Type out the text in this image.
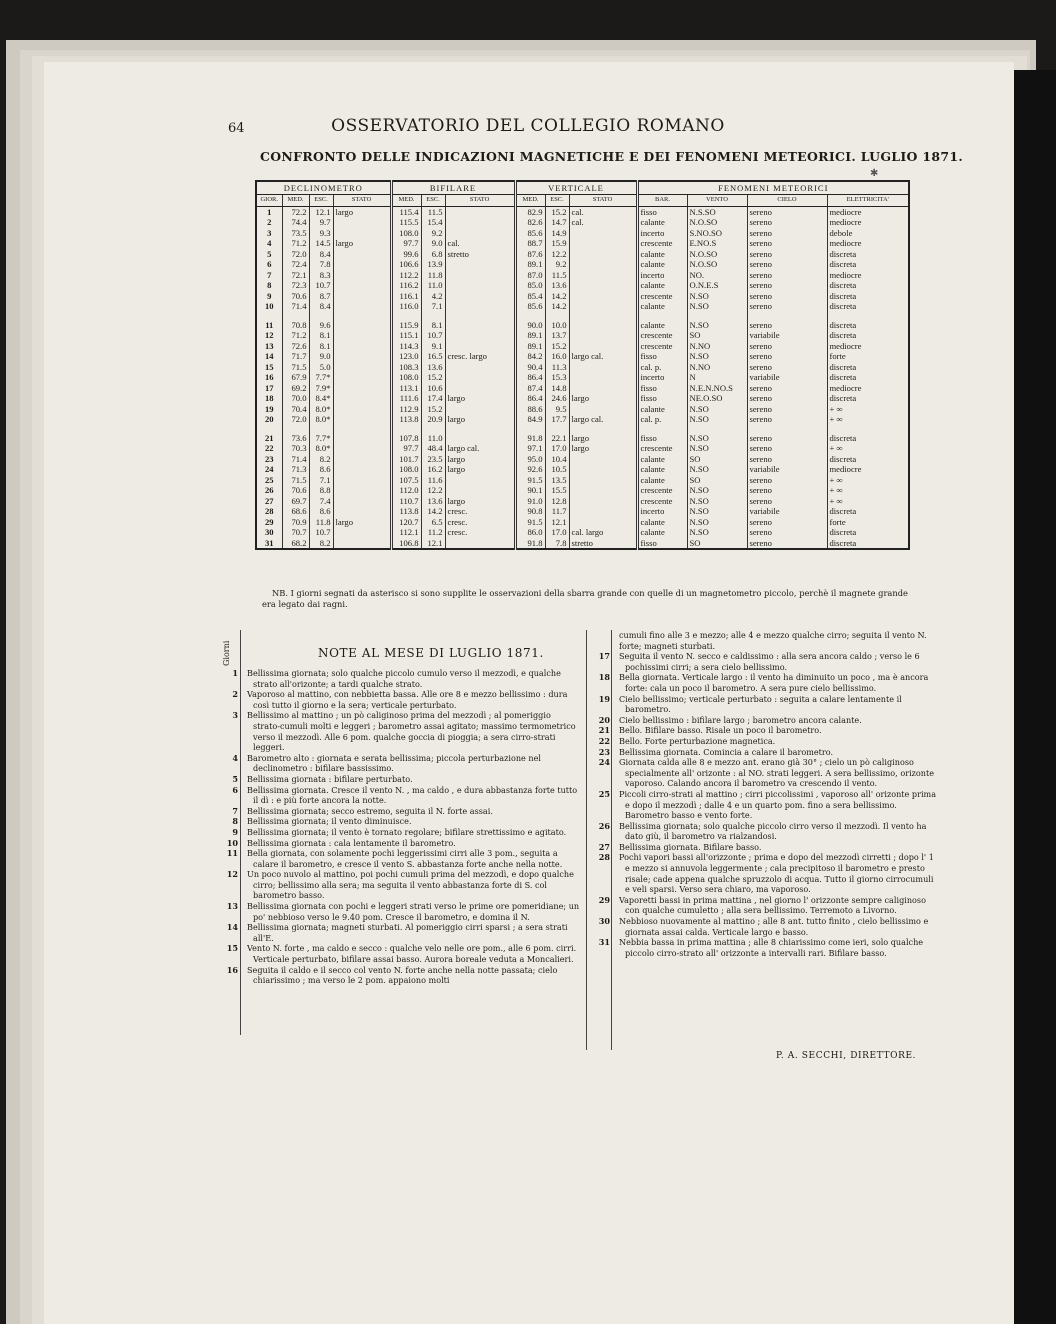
64	OSSERVATORIO DEL COLLEGIO ROMANO
CONFRONTO DELLE INDICAZIONI MAGNETICHE E DEI FENOMENI METEORICI. LUGLIO 1871.
✱
DECLINOMETRO				BIFILARE			VERTICALE			FENOMENI METEORICI			
GIOR.	MED.	ESC.	STATO	MED.	ESC.	STATO	MED.	ESC.	STATO	BAR.	VENTO	CIELO	ELETTRICITA'
1	72.2	12.1	largo	115.4	11.5		82.9	15.2	cal.	fisso	N.S.SO	sereno	mediocre
2	74.4	9.7		115.5	15.4		82.6	14.7	cal.	calante	N.O.SO	sereno	mediocre
3	73.5	9.3		108.0	9.2		85.6	14.9		incerto	S.NO.SO	sereno	debole
4	71.2	14.5	largo	97.7	9.0	cal.	88.7	15.9		crescente	E.NO.S	sereno	mediocre
5	72.0	8.4		99.6	6.8	stretto	87.6	12.2		calante	N.O.SO	sereno	discreta
6	72.4	7.8		106.6	13.9		89.1	9.2		calante	N.O.SO	sereno	discreta
7	72.1	8.3		112.2	11.8		87.0	11.5		incerto	NO.	sereno	mediocre
8	72.3	10.7		116.2	11.0		85.0	13.6		calante	O.N.E.S	sereno	discreta
9	70.6	8.7		116.1	4.2		85.4	14.2		crescente	N.SO	sereno	discreta
10	71.4	8.4		116.0	7.1		85.6	14.2		calante	N.SO	sereno	discreta

11	70.8	9.6		115.9	8.1		90.0	10.0		calante	N.SO	sereno	discreta
12	71.2	8.1		115.1	10.7		89.1	13.7		crescente	SO	variabile	discreta
13	72.6	8.1		114.3	9.1		89.1	15.2		crescente	N.NO	sereno	mediocre
14	71.7	9.0		123.0	16.5	cresc. largo	84.2	16.0	largo cal.	fisso	N.SO	sereno	forte
15	71.5	5.0		108.3	13.6		90.4	11.3		cal. p.	N.NO	sereno	discreta
16	67.9	7.7*		108.0	15.2		86.4	15.3		incerto	N	variabile	discreta
17	69.2	7.9*		113.1	10.6		87.4	14.8		fisso	N.E.N.NO.S	sereno	mediocre
18	70.0	8.4*		111.6	17.4	largo	86.4	24.6	largo	fisso	NE.O.SO	sereno	discreta
19	70.4	8.0*		112.9	15.2		88.6	9.5		calante	N.SO	sereno	+ ∞
20	72.0	8.0*		113.8	20.9	largo	84.9	17.7	largo cal.	cal. p.	N.SO	sereno	+ ∞

21	73.6	7.7*		107.8	11.0		91.8	22.1	largo	fisso	N.SO	sereno	discreta
22	70.3	8.0*		97.7	48.4	largo cal.	97.1	17.0	largo	crescente	N.SO	sereno	+ ∞
23	71.4	8.2		101.7	23.5	largo	95.0	10.4		calante	SO	sereno	discreta
24	71.3	8.6		108.0	16.2	largo	92.6	10.5		calante	N.SO	variabile	mediocre
25	71.5	7.1		107.5	11.6		91.5	13.5		calante	SO	sereno	+ ∞
26	70.6	8.8		112.0	12.2		90.1	15.5		crescente	N.SO	sereno	+ ∞
27	69.7	7.4		110.7	13.6	largo	91.0	12.8		crescente	N.SO	sereno	+ ∞
28	68.6	8.6		113.8	14.2	cresc.	90.8	11.7		incerto	N.SO	variabile	discreta
29	70.9	11.8	largo	120.7	6.5	cresc.	91.5	12.1		calante	N.SO	sereno	forte
30	70.7	10.7		112.1	11.2	cresc.	86.0	17.0	cal. largo	calante	N.SO	sereno	discreta
31	68.2	8.2		106.8	12.1		91.8	7.8	stretto	fisso	SO	sereno	discreta
NB. I giorni segnati da asterisco si sono supplite le osservazioni della sbarra grande con quelle di un magnetometro piccolo, perchè il magnete grande era legato dai ragni.
NOTE AL MESE DI LUGLIO 1871.
Giorni
1	Bellissima giornata; solo qualche piccolo cumulo verso il mezzodì, e qualche strato all'orizonte; a tardi qualche strato.
2	Vaporoso al mattino, con nebbietta bassa. Alle ore 8 e mezzo bellissimo : dura così tutto il giorno e la sera; verticale perturbato.
3	Bellissimo al mattino ; un pò caliginoso prima del mezzodì ; al pomeriggio strato-cumuli molti e leggeri ; barometro assai agitato; massimo termometrico verso il mezzodì. Alle 6 pom. qualche goccia di pioggia; a sera cirro-strati leggeri.
4	Barometro alto : giornata e serata bellissima; piccola perturbazione nel declinometro : bifilare bassissimo.
5	Bellissima giornata : bifilare perturbato.
6	Bellissima giornata. Cresce il vento N. , ma caldo , e dura abbastanza forte tutto il dì : e più forte ancora la notte.
7	Bellissima giornata; secco estremo, seguita il N. forte assai.
8	Bellissima giornata; il vento diminuisce.
9	Bellissima giornata; il vento è tornato regolare; bifilare strettissimo e agitato.
10	Bellissima giornata : cala lentamente il barometro.
11	Bella giornata, con solamente pochi leggerissimi cirri alle 3 pom., seguita a calare il barometro, e cresce il vento S. abbastanza forte anche nella notte.
12	Un poco nuvolo al mattino, poi pochi cumuli prima del mezzodì, e dopo qualche cirro; bellissimo alla sera; ma seguita il vento abbastanza forte di S. col barometro basso.
13	Bellissima giornata con pochi e leggeri strati verso le prime ore pomeridiane; un po' nebbioso verso le 9.40 pom. Cresce il barometro, e domina il N.
14	Bellissima giornata; magneti sturbati. Al pomeriggio cirri sparsi ; a sera strati all'E.
15	Vento N. forte , ma caldo e secco : qualche velo nelle ore pom., alle 6 pom. cirri. Verticale perturbato, bifilare assai basso. Aurora boreale veduta a Moncalieri.
16	Seguita il caldo e il secco col vento N. forte anche nella notte passata; cielo chiarissimo ; ma verso le 2 pom. appaiono molti
cumuli fino alle 3 e mezzo; alle 4 e mezzo qualche cirro; seguita il vento N. forte; magneti sturbati.
17	Seguita il vento N. secco e caldissimo : alla sera ancora caldo ; verso le 6 pochissimi cirri; a sera cielo bellissimo.
18	Bella giornata. Verticale largo : il vento ha diminuito un poco , ma è ancora forte: cala un poco il barometro. A sera pure cielo bellissimo.
19	Cielo bellissimo; verticale perturbato : seguita a calare lentamente il barometro.
20	Cielo bellissimo : bifilare largo ; barometro ancora calante.
21	Bello. Bifilare basso. Risale un poco il barometro.
22	Bello. Forte perturbazione magnetica.
23	Bellissima giornata. Comincia a calare il barometro.
24	Giornata calda alle 8 e mezzo ant. erano già 30° ; cielo un pò caliginoso specialmente all' orizonte : al NO. strati leggeri. A sera bellissimo, orizonte vaporoso. Calando ancora il barometro va crescendo il vento.
25	Piccoli cirro-strati al mattino ; cirri piccolissimi , vaporoso all' orizonte prima e dopo il mezzodì ; dalle 4 e un quarto pom. fino a sera bellissimo. Barometro basso e vento forte.
26	Bellissima giornata; solo qualche piccolo cirro verso il mezzodì. Il vento ha dato giù, il barometro va rialzandosi.
27	Bellissima giornata. Bifilare basso.
28	Pochi vapori bassi all'orizzonte ; prima e dopo del mezzodì cirretti ; dopo l' 1 e mezzo si annuvola leggermente ; cala precipitoso il barometro e presto risale; cade appena qualche spruzzolo di acqua. Tutto il giorno cirrocumuli e veli sparsi. Verso sera chiaro, ma vaporoso.
29	Vaporetti bassi in prima mattina , nel giorno l' orizzonte sempre caliginoso con qualche cumuletto ; alla sera bellissimo. Terremoto a Livorno.
30	Nebbioso nuovamente al mattino ; alle 8 ant. tutto finito , cielo bellissimo e giornata assai calda. Verticale largo e basso.
31	Nebbia bassa in prima mattina ; alle 8 chiarissimo come ieri, solo qualche piccolo cirro-strato all' orizzonte a intervalli rari. Bifilare basso.
P. A. SECCHI, DIRETTORE.
